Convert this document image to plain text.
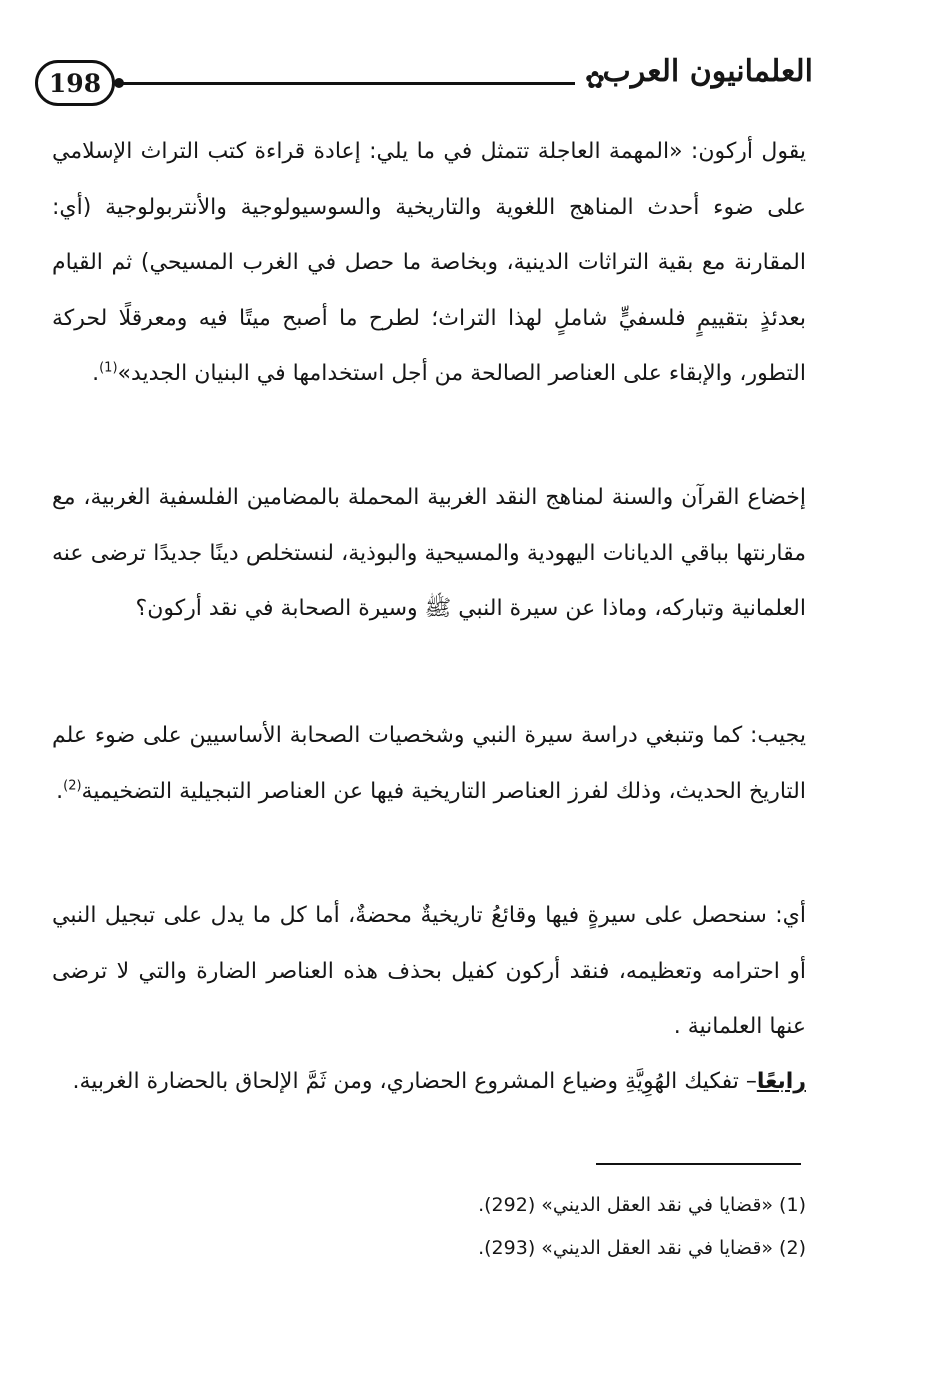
198	✿
العلمانيون العرب

يقول أركون: «المهمة العاجلة تتمثل في ما يلي: إعادة قراءة كتب التراث الإسلامي على ضوء أحدث المناهج اللغوية والتاريخية والسوسيولوجية والأنتربولوجية (أي: المقارنة مع بقية التراثات الدينية، وبخاصة ما حصل في الغرب المسيحي) ثم القيام بعدئذٍ بتقييمٍ فلسفيٍّ شاملٍ لهذا التراث؛ لطرح ما أصبح ميتًا فيه ومعرقلًا لحركة التطور، والإبقاء على العناصر الصالحة من أجل استخدامها في البنيان الجديد»$^{(1)}$.

إخضاع القرآن والسنة لمناهج النقد الغربية المحملة بالمضامين الفلسفية الغربية، مع مقارنتها بباقي الديانات اليهودية والمسيحية والبوذية، لنستخلص دينًا جديدًا ترضى عنه العلمانية وتباركه، وماذا عن سيرة النبي ﷺ وسيرة الصحابة في نقد أركون؟

يجيب: كما وتنبغي دراسة سيرة النبي وشخصيات الصحابة الأساسيين على ضوء علم التاريخ الحديث، وذلك لفرز العناصر التاريخية فيها عن العناصر التبجيلية التضخيمية$^{(2)}$.

أي: سنحصل على سيرةٍ فيها وقائعُ تاريخيةٌ محضةٌ، أما كل ما يدل على تبجيل النبي أو احترامه وتعظيمه، فنقد أركون كفيل بحذف هذه العناصر الضارة والتي لا ترضى عنها العلمانية .

رابعًا– تفكيك الهُوِيَّةِ وضياع المشروع الحضاري، ومن ثَمَّ الإلحاق بالحضارة الغربية.

(1) «قضايا في نقد العقل الديني» (292).
(2) «قضايا في نقد العقل الديني» (293).
